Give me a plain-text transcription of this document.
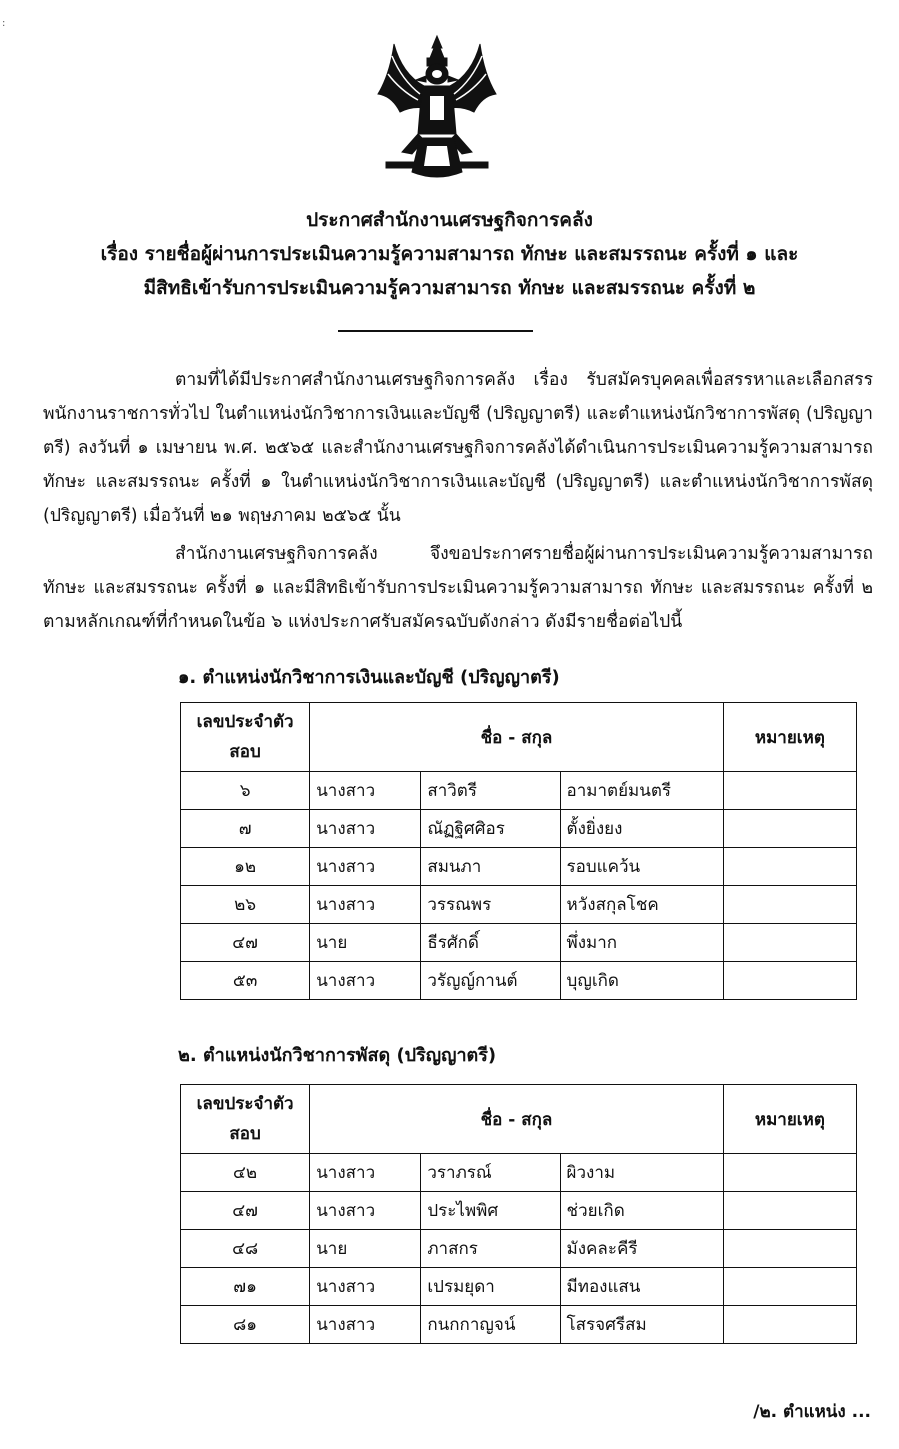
:
ประกาศสำนักงานเศรษฐกิจการคลัง
เรื่อง รายชื่อผู้ผ่านการประเมินความรู้ความสามารถ ทักษะ และสมรรถนะ ครั้งที่ ๑ และ
มีสิทธิเข้ารับการประเมินความรู้ความสามารถ ทักษะ และสมรรถนะ ครั้งที่ ๒
ตามที่ได้มีประกาศสำนักงานเศรษฐกิจการคลัง เรื่อง รับสมัครบุคคลเพื่อสรรหาและเลือกสรรพนักงานราชการทั่วไป ในตำแหน่งนักวิชาการเงินและบัญชี (ปริญญาตรี) และตำแหน่งนักวิชาการพัสดุ (ปริญญาตรี) ลงวันที่ ๑ เมษายน พ.ศ. ๒๕๖๕ และสำนักงานเศรษฐกิจการคลังได้ดำเนินการประเมินความรู้ความสามารถ ทักษะ และสมรรถนะ ครั้งที่ ๑ ในตำแหน่งนักวิชาการเงินและบัญชี (ปริญญาตรี) และตำแหน่งนักวิชาการพัสดุ (ปริญญาตรี) เมื่อวันที่ ๒๑ พฤษภาคม ๒๕๖๕ นั้น
สำนักงานเศรษฐกิจการคลัง จึงขอประกาศรายชื่อผู้ผ่านการประเมินความรู้ความสามารถ ทักษะ และสมรรถนะ ครั้งที่ ๑ และมีสิทธิเข้ารับการประเมินความรู้ความสามารถ ทักษะ และสมรรถนะ ครั้งที่ ๒ ตามหลักเกณฑ์ที่กำหนดในข้อ ๖ แห่งประกาศรับสมัครฉบับดังกล่าว ดังมีรายชื่อต่อไปนี้
๑. ตำแหน่งนักวิชาการเงินและบัญชี (ปริญญาตรี)
เลขประจำตัว
สอบ	ชื่อ - สกุล			หมายเหตุ
๖	นางสาว	สาวิตรี	อามาตย์มนตรี	
๗	นางสาว	ณัฏฐิศศิอร	ตั้งยิ่งยง	
๑๒	นางสาว	สมนภา	รอบแคว้น	
๒๖	นางสาว	วรรณพร	หวังสกุลโชค	
๔๗	นาย	ธีรศักดิ์	พึ่งมาก	
๕๓	นางสาว	วรัญญ์กานต์	บุญเกิด	
๒. ตำแหน่งนักวิชาการพัสดุ (ปริญญาตรี)
เลขประจำตัว
สอบ	ชื่อ - สกุล			หมายเหตุ
๔๒	นางสาว	วราภรณ์	ผิวงาม	
๔๗	นางสาว	ประไพพิศ	ช่วยเกิด	
๔๘	นาย	ภาสกร	มังคละคีรี	
๗๑	นางสาว	เปรมยุดา	มีทองแสน	
๘๑	นางสาว	กนกกาญจน์	โสรจศรีสม	
/๒. ตำแหน่ง ...
